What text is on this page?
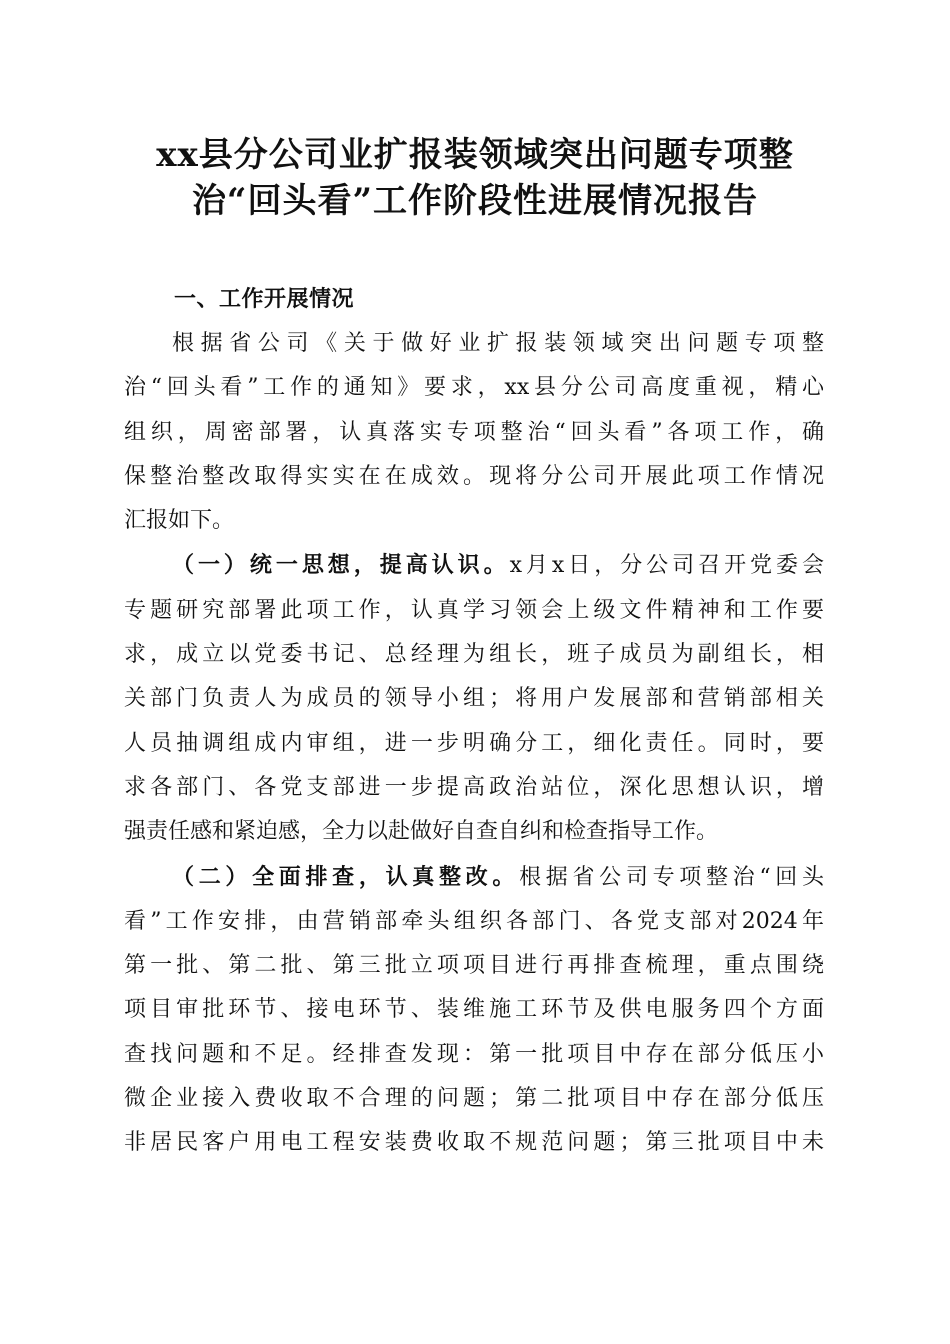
xx县分公司业扩报装领域突出问题专项整
治“回头看”工作阶段性进展情况报告
一、工作开展情况

根据省公司《关于做好业扩报装领域突出问题专项整
治“回头看”工作的通知》要求，xx县分公司高度重视，精心
组织，周密部署，认真落实专项整治“回头看”各项工作，确
保整治整改取得实实在在成效。现将分公司开展此项工作情况
汇报如下。

（一）统一思想，提高认识。x月x日，分公司召开党委会
专题研究部署此项工作，认真学习领会上级文件精神和工作要
求，成立以党委书记、总经理为组长，班子成员为副组长，相
关部门负责人为成员的领导小组；将用户发展部和营销部相关
人员抽调组成内审组，进一步明确分工，细化责任。同时，要
求各部门、各党支部进一步提高政治站位，深化思想认识，增
强责任感和紧迫感，全力以赴做好自查自纠和检查指导工作。

（二）全面排查，认真整改。根据省公司专项整治“回头
看”工作安排，由营销部牵头组织各部门、各党支部对2024年
第一批、第二批、第三批立项项目进行再排查梳理，重点围绕
项目审批环节、接电环节、装维施工环节及供电服务四个方面
查找问题和不足。经排查发现：第一批项目中存在部分低压小
微企业接入费收取不合理的问题；第二批项目中存在部分低压
非居民客户用电工程安装费收取不规范问题；第三批项目中未
